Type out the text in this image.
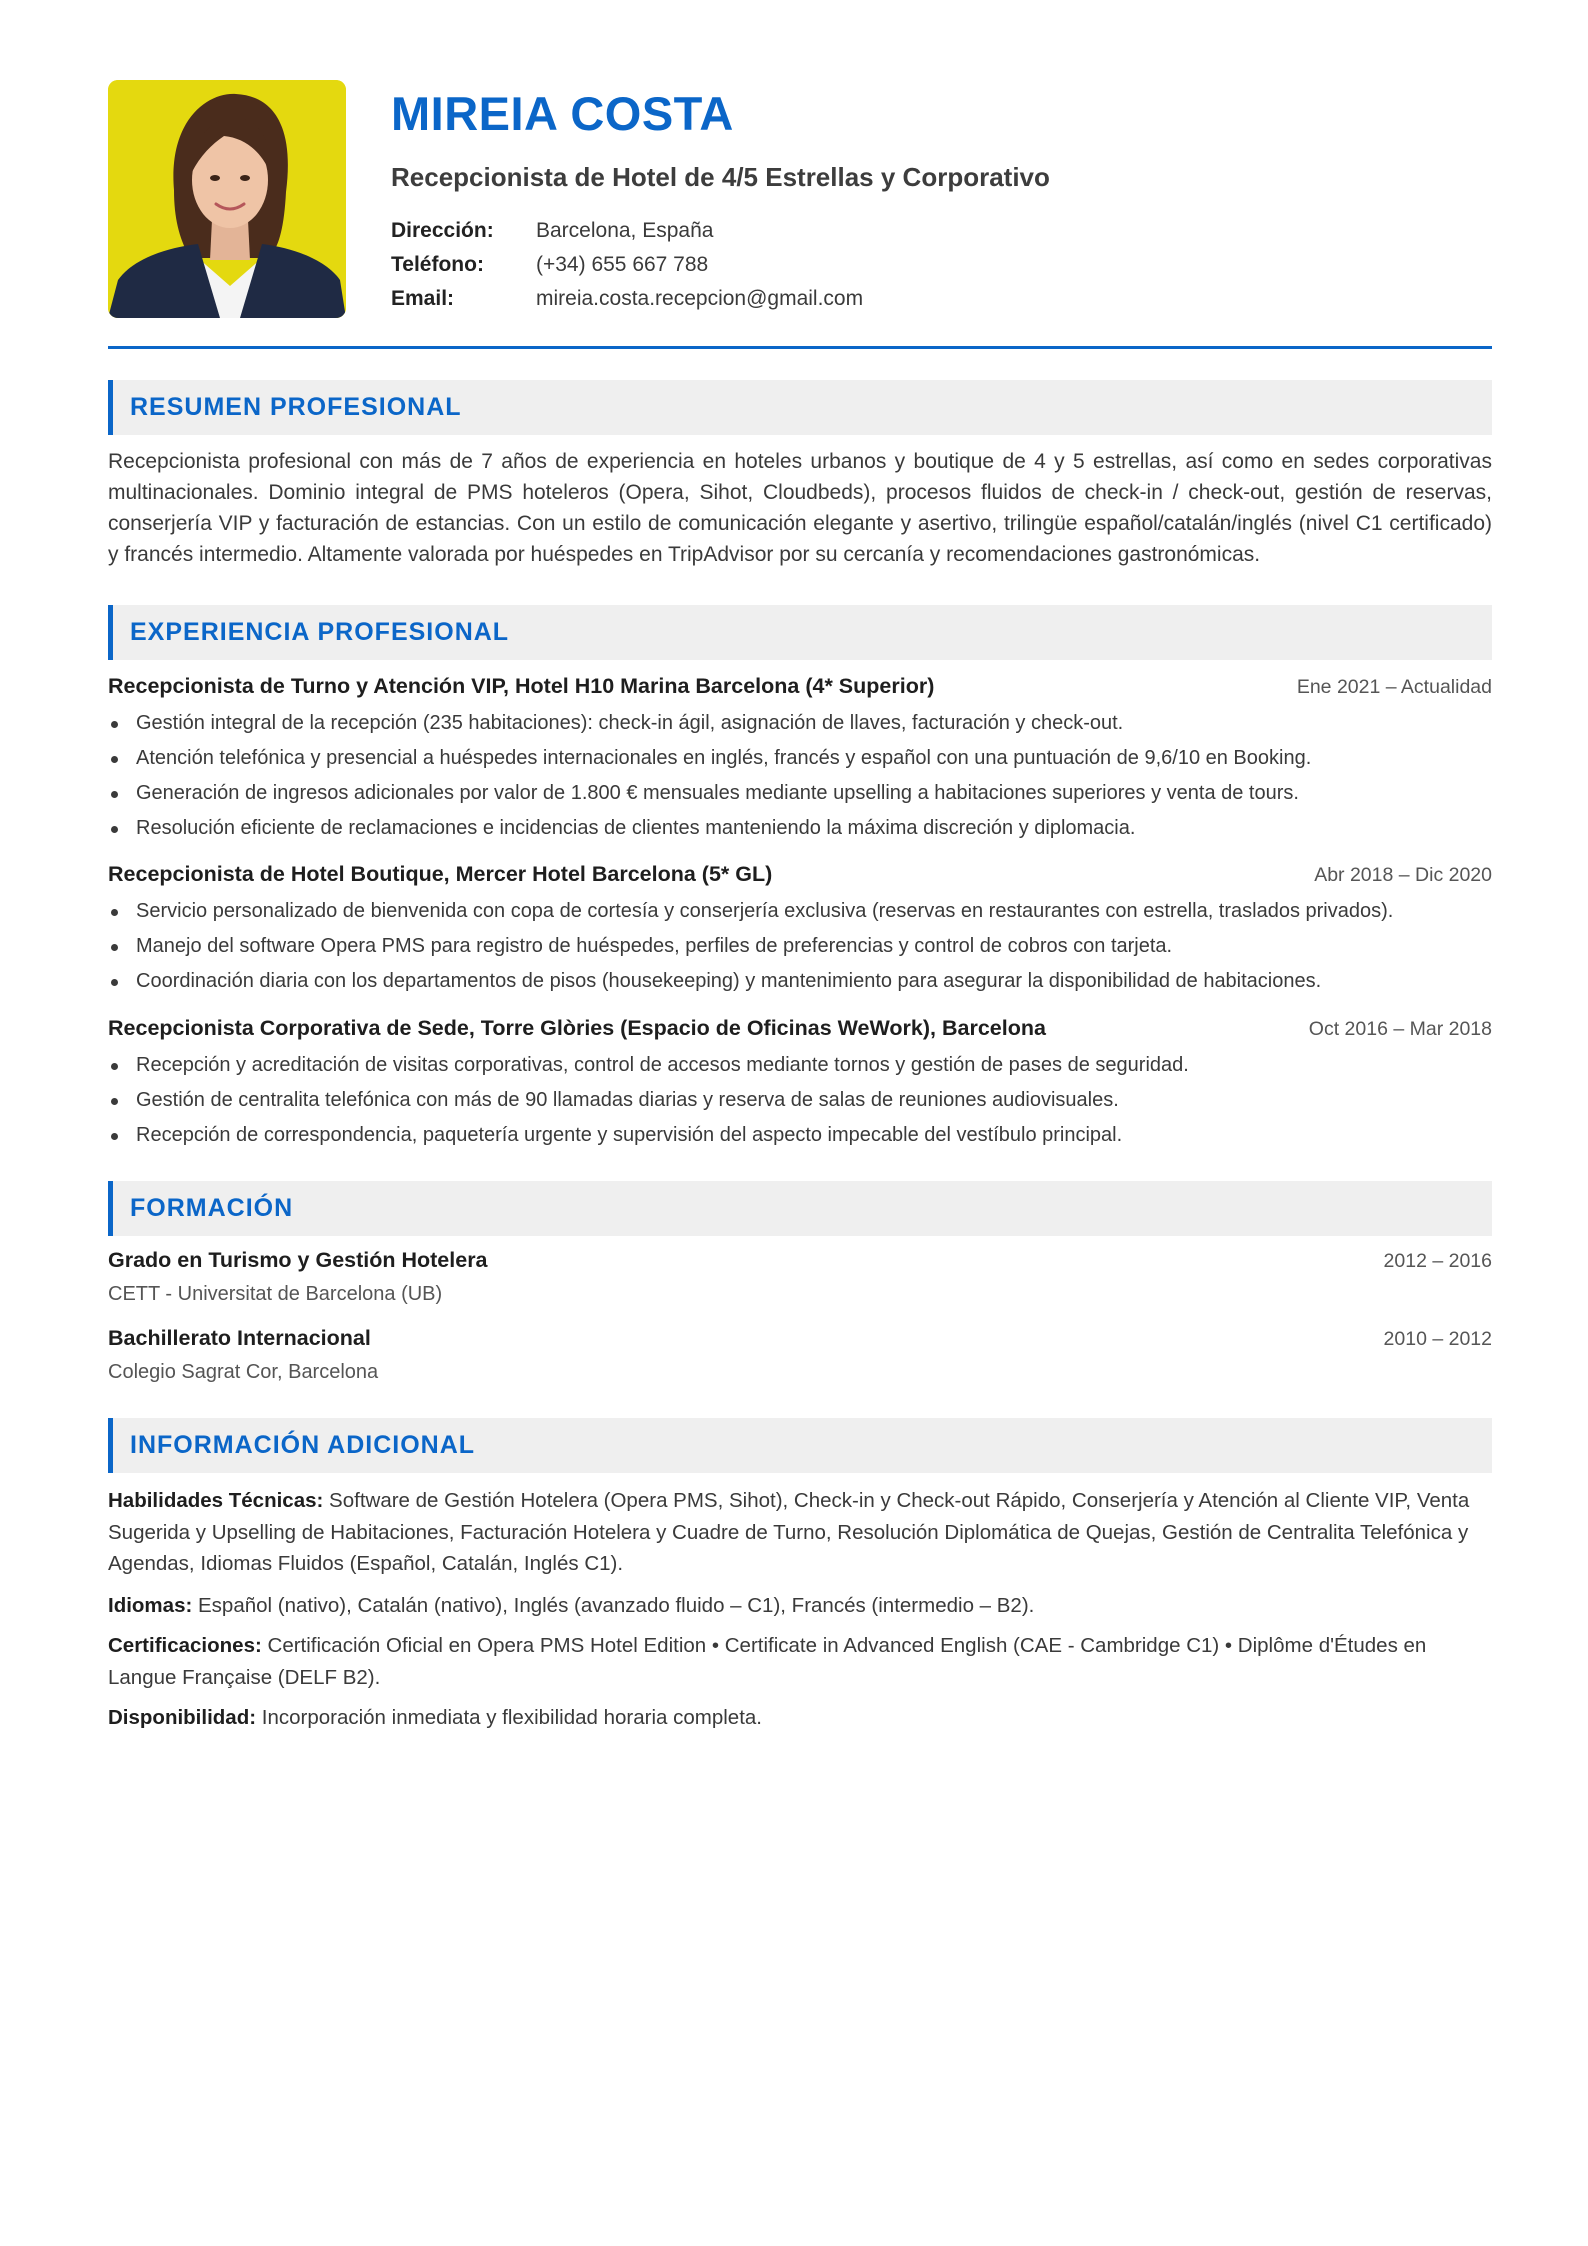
MIREIA COSTA
Recepcionista de Hotel de 4/5 Estrellas y Corporativo
Dirección:	Barcelona, España
Teléfono:	(+34) 655 667 788
Email:	mireia.costa.recepcion@gmail.com
RESUMEN PROFESIONAL
Recepcionista profesional con más de 7 años de experiencia en hoteles urbanos y boutique de 4 y 5 estrellas, así como en sedes corporativas multinacionales. Dominio integral de PMS hoteleros (Opera, Sihot, Cloudbeds), procesos fluidos de check-in / check-out, gestión de reservas, conserjería VIP y facturación de estancias. Con un estilo de comunicación elegante y asertivo, trilingüe español/catalán/inglés (nivel C1 certificado) y francés intermedio. Altamente valorada por huéspedes en TripAdvisor por su cercanía y recomendaciones gastronómicas.
EXPERIENCIA PROFESIONAL
Recepcionista de Turno y Atención VIP, Hotel H10 Marina Barcelona (4* Superior)	Ene 2021 – Actualidad
Gestión integral de la recepción (235 habitaciones): check-in ágil, asignación de llaves, facturación y check-out.
Atención telefónica y presencial a huéspedes internacionales en inglés, francés y español con una puntuación de 9,6/10 en Booking.
Generación de ingresos adicionales por valor de 1.800 € mensuales mediante upselling a habitaciones superiores y venta de tours.
Resolución eficiente de reclamaciones e incidencias de clientes manteniendo la máxima discreción y diplomacia.
Recepcionista de Hotel Boutique, Mercer Hotel Barcelona (5* GL)	Abr 2018 – Dic 2020
Servicio personalizado de bienvenida con copa de cortesía y conserjería exclusiva (reservas en restaurantes con estrella, traslados privados).
Manejo del software Opera PMS para registro de huéspedes, perfiles de preferencias y control de cobros con tarjeta.
Coordinación diaria con los departamentos de pisos (housekeeping) y mantenimiento para asegurar la disponibilidad de habitaciones.
Recepcionista Corporativa de Sede, Torre Glòries (Espacio de Oficinas WeWork), Barcelona	Oct 2016 – Mar 2018
Recepción y acreditación de visitas corporativas, control de accesos mediante tornos y gestión de pases de seguridad.
Gestión de centralita telefónica con más de 90 llamadas diarias y reserva de salas de reuniones audiovisuales.
Recepción de correspondencia, paquetería urgente y supervisión del aspecto impecable del vestíbulo principal.
FORMACIÓN
Grado en Turismo y Gestión Hotelera	2012 – 2016
CETT - Universitat de Barcelona (UB)
Bachillerato Internacional	2010 – 2012
Colegio Sagrat Cor, Barcelona
INFORMACIÓN ADICIONAL
Habilidades Técnicas: Software de Gestión Hotelera (Opera PMS, Sihot), Check-in y Check-out Rápido, Conserjería y Atención al Cliente VIP, Venta Sugerida y Upselling de Habitaciones, Facturación Hotelera y Cuadre de Turno, Resolución Diplomática de Quejas, Gestión de Centralita Telefónica y Agendas, Idiomas Fluidos (Español, Catalán, Inglés C1).
Idiomas: Español (nativo), Catalán (nativo), Inglés (avanzado fluido – C1), Francés (intermedio – B2).
Certificaciones: Certificación Oficial en Opera PMS Hotel Edition • Certificate in Advanced English (CAE - Cambridge C1) • Diplôme d'Études en Langue Française (DELF B2).
Disponibilidad: Incorporación inmediata y flexibilidad horaria completa.
